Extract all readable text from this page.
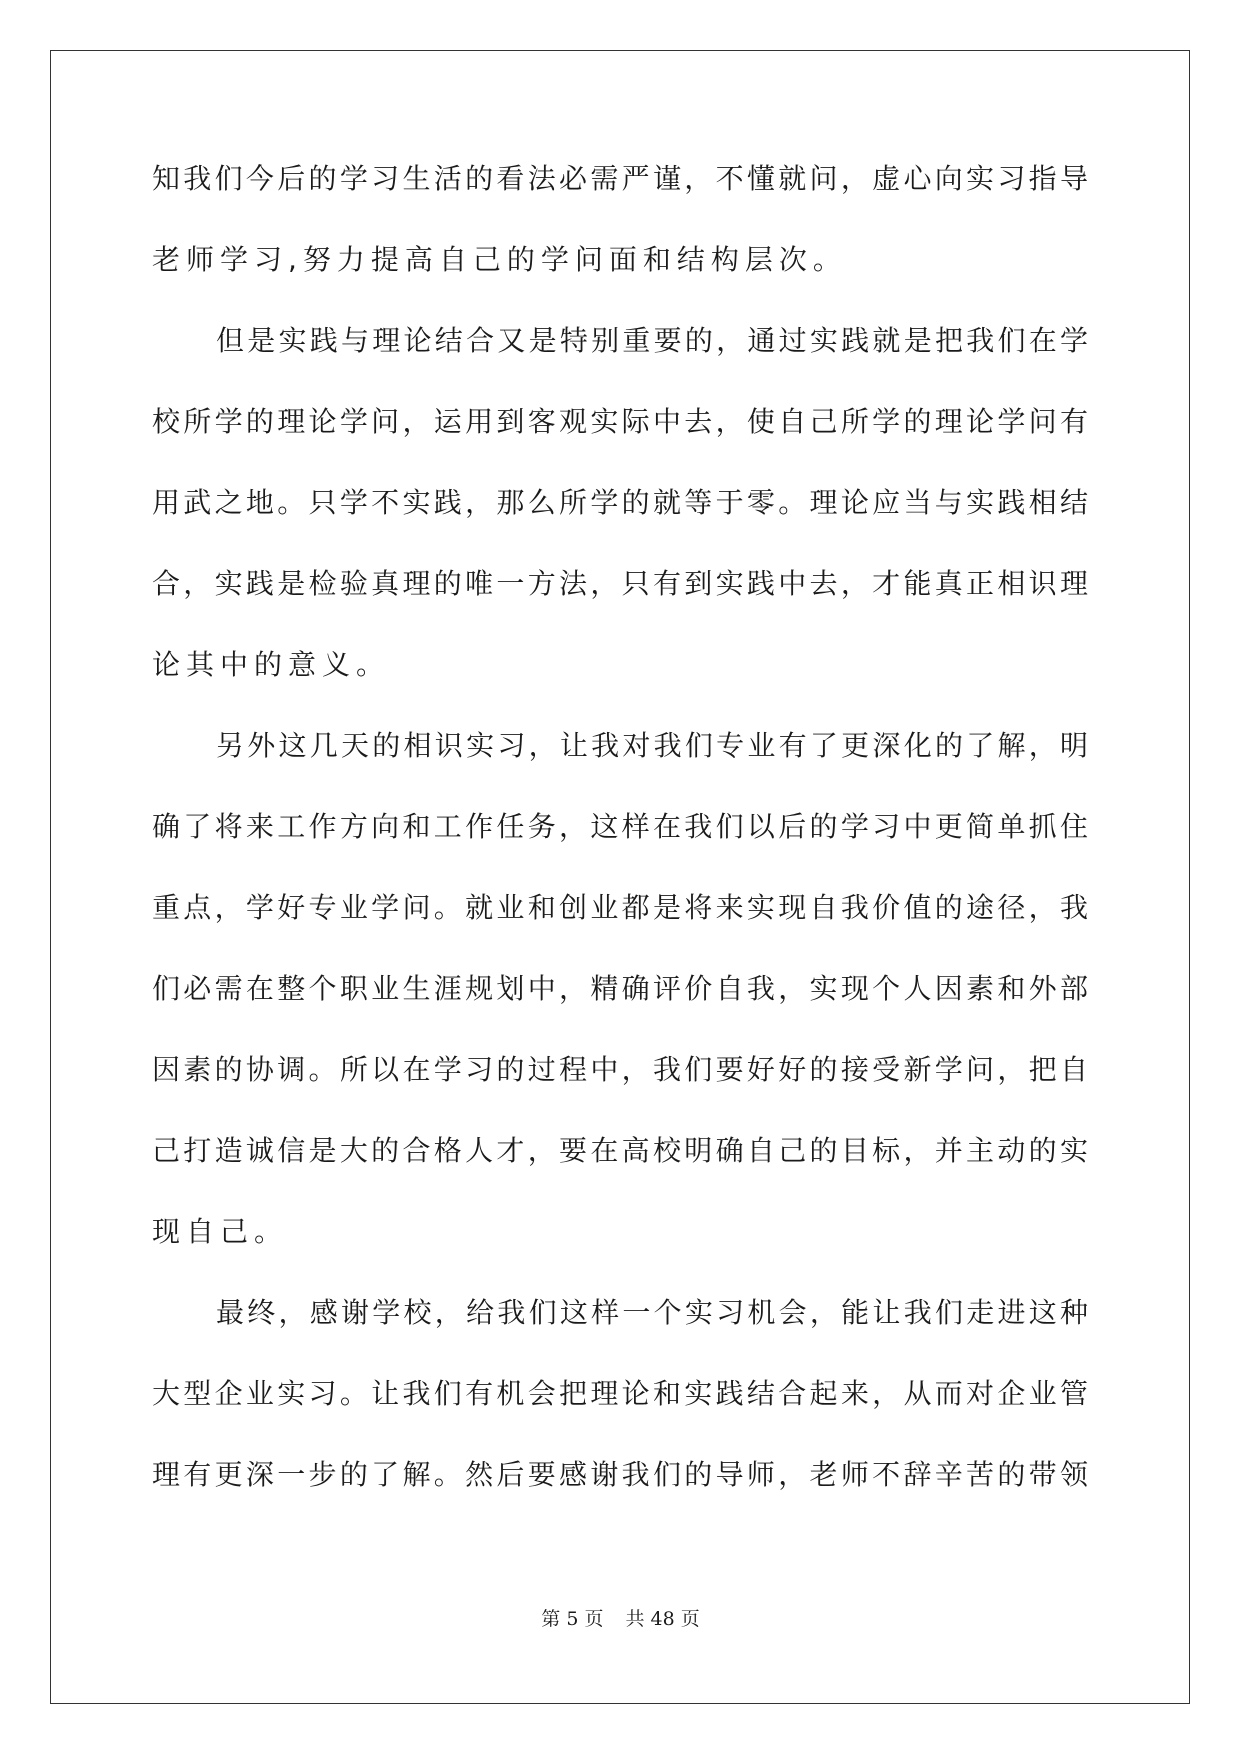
知我们今后的学习生活的看法必需严谨，不懂就问，虚心向实习指导
老师学习,努力提高自己的学问面和结构层次。
但是实践与理论结合又是特别重要的，通过实践就是把我们在学
校所学的理论学问，运用到客观实际中去，使自己所学的理论学问有
用武之地。只学不实践，那么所学的就等于零。理论应当与实践相结
合，实践是检验真理的唯一方法，只有到实践中去，才能真正相识理
论其中的意义。
另外这几天的相识实习，让我对我们专业有了更深化的了解，明
确了将来工作方向和工作任务，这样在我们以后的学习中更简单抓住
重点，学好专业学问。就业和创业都是将来实现自我价值的途径，我
们必需在整个职业生涯规划中，精确评价自我，实现个人因素和外部
因素的协调。所以在学习的过程中，我们要好好的接受新学问，把自
己打造诚信是大的合格人才，要在高校明确自己的目标，并主动的实
现自己。
最终，感谢学校，给我们这样一个实习机会，能让我们走进这种
大型企业实习。让我们有机会把理论和实践结合起来，从而对企业管
理有更深一步的了解。然后要感谢我们的导师，老师不辞辛苦的带领
第 5 页 共 48 页
